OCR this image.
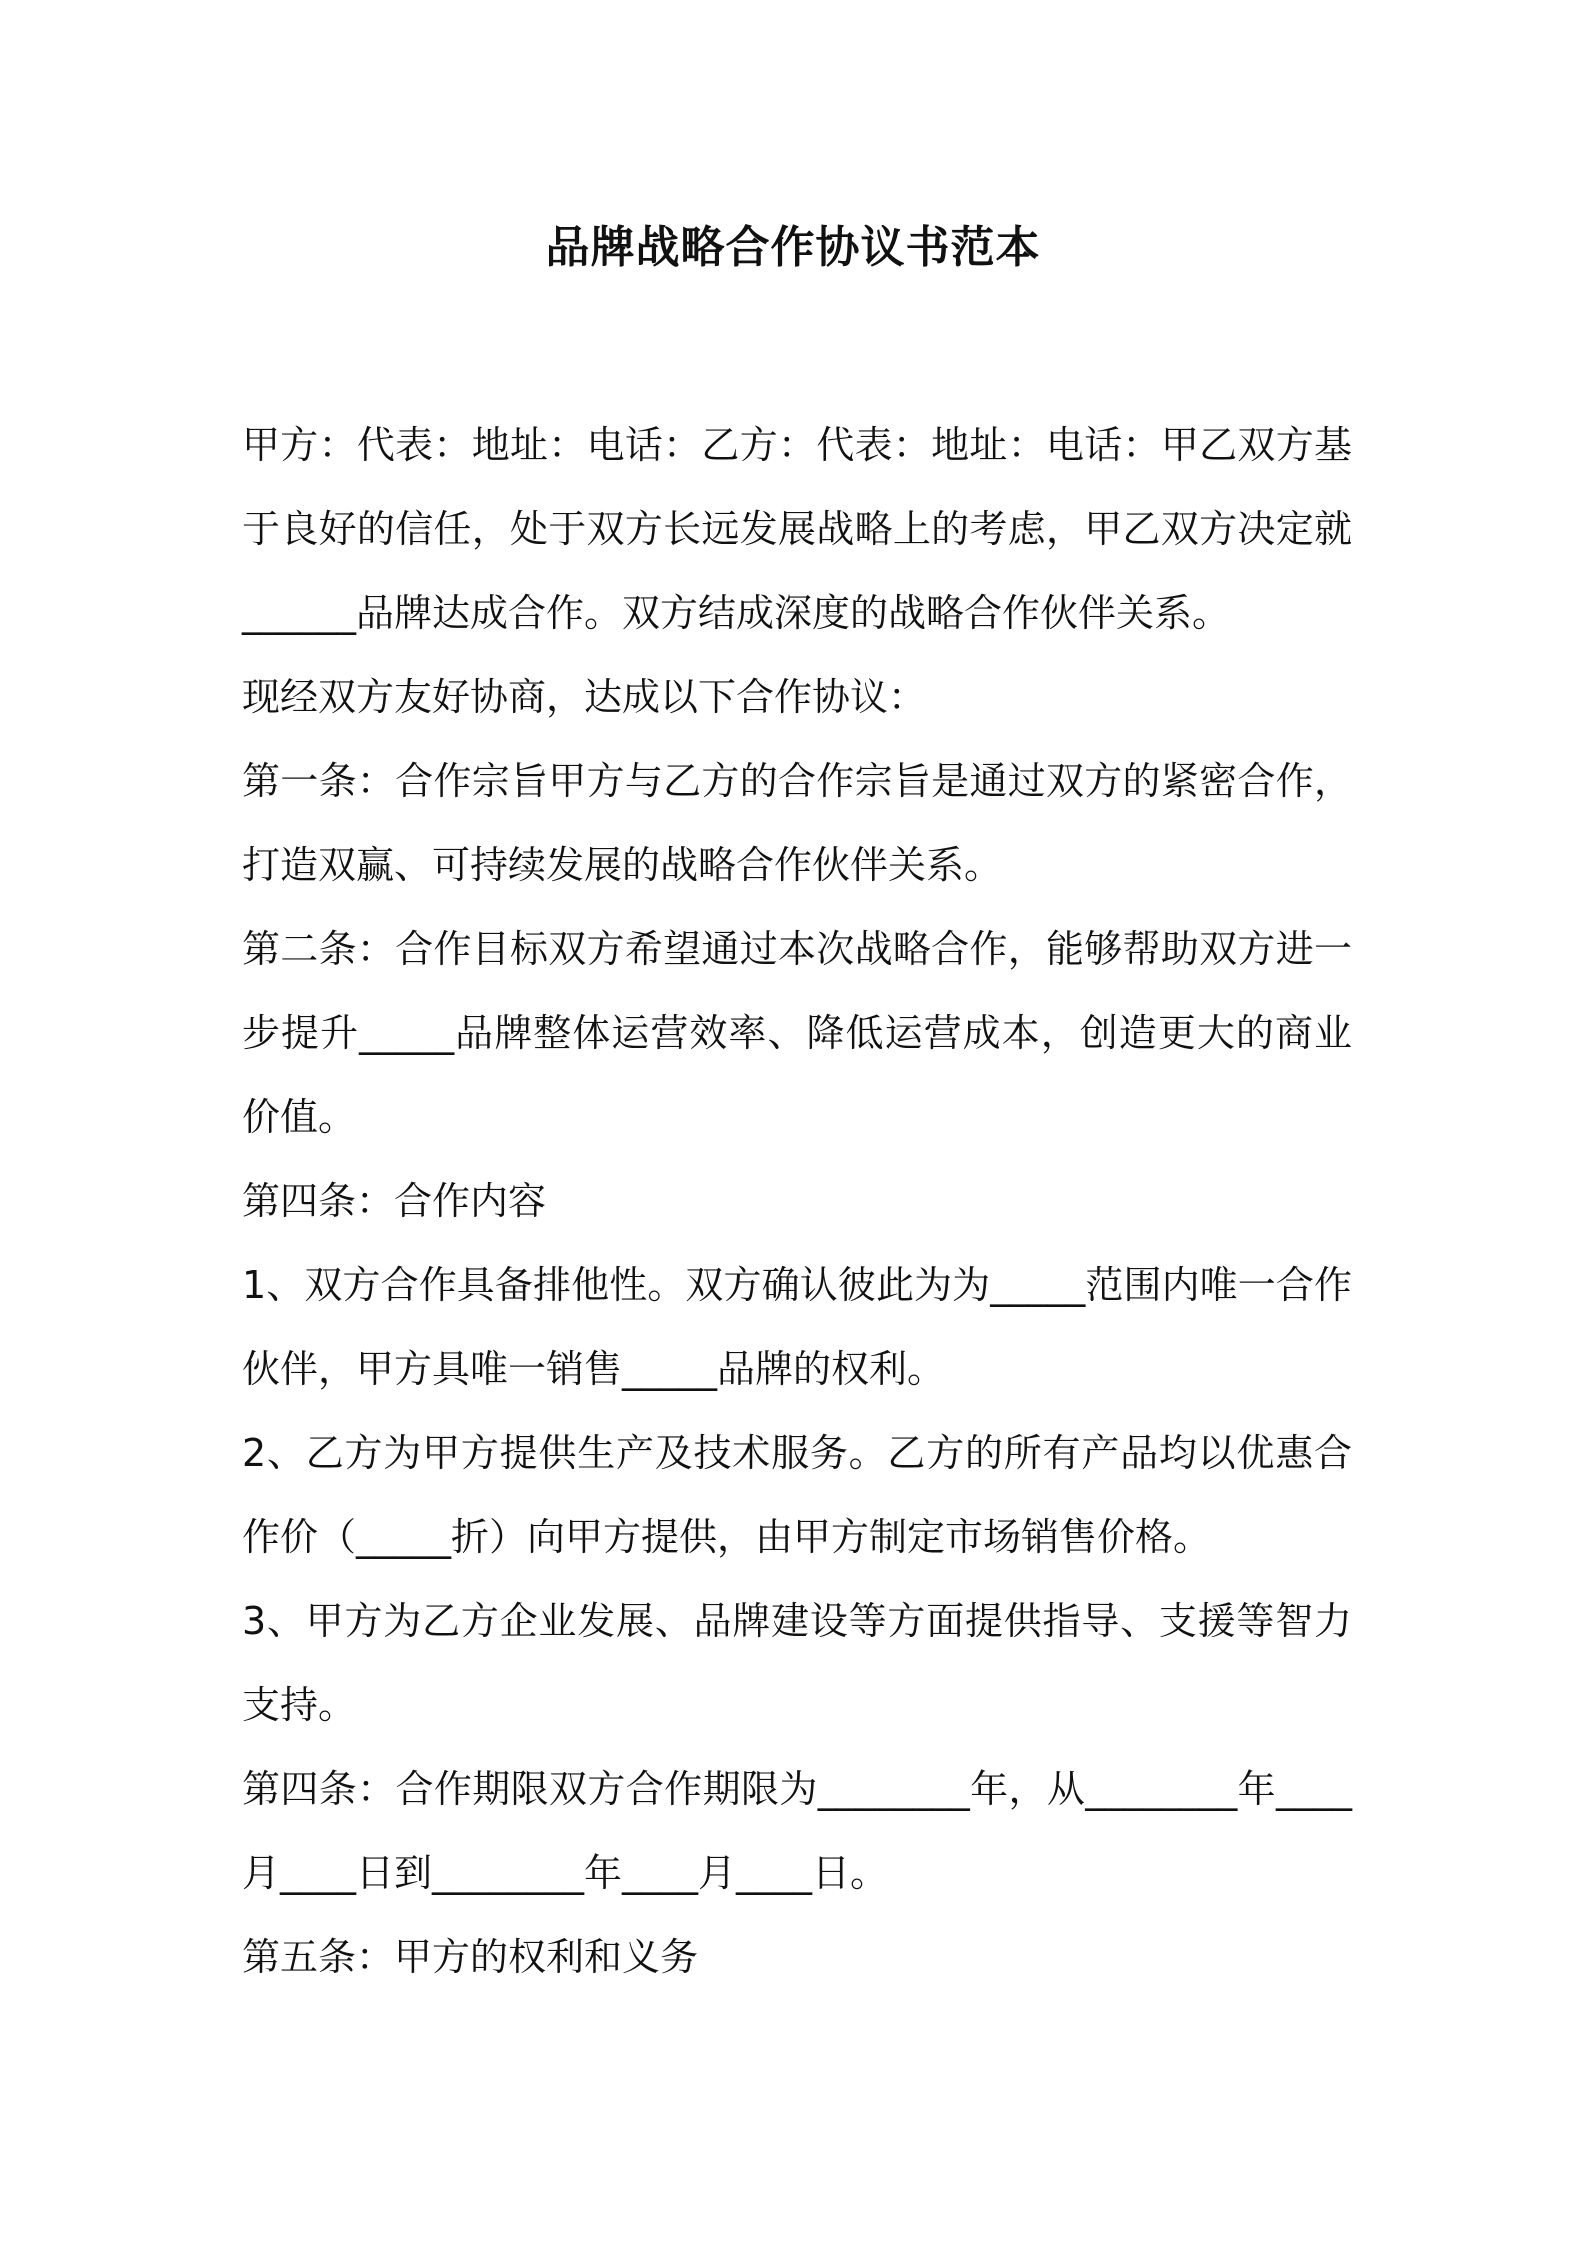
品牌战略合作协议书范本

甲方：代表：地址：电话：乙方：代表：地址：电话：甲乙双方基于良好的信任，处于双方长远发展战略上的考虑，甲乙双方决定就______品牌达成合作。双方结成深度的战略合作伙伴关系。

现经双方友好协商，达成以下合作协议：

第一条：合作宗旨甲方与乙方的合作宗旨是通过双方的紧密合作，打造双赢、可持续发展的战略合作伙伴关系。

第二条：合作目标双方希望通过本次战略合作，能够帮助双方进一步提升_____品牌整体运营效率、降低运营成本，创造更大的商业价值。

第四条：合作内容

1、双方合作具备排他性。双方确认彼此为为_____范围内唯一合作伙伴，甲方具唯一销售_____品牌的权利。

2、乙方为甲方提供生产及技术服务。乙方的所有产品均以优惠合作价（_____折）向甲方提供，由甲方制定市场销售价格。

3、甲方为乙方企业发展、品牌建设等方面提供指导、支援等智力支持。

第四条：合作期限双方合作期限为________年，从________年____月____日到________年____月____日。

第五条：甲方的权利和义务
